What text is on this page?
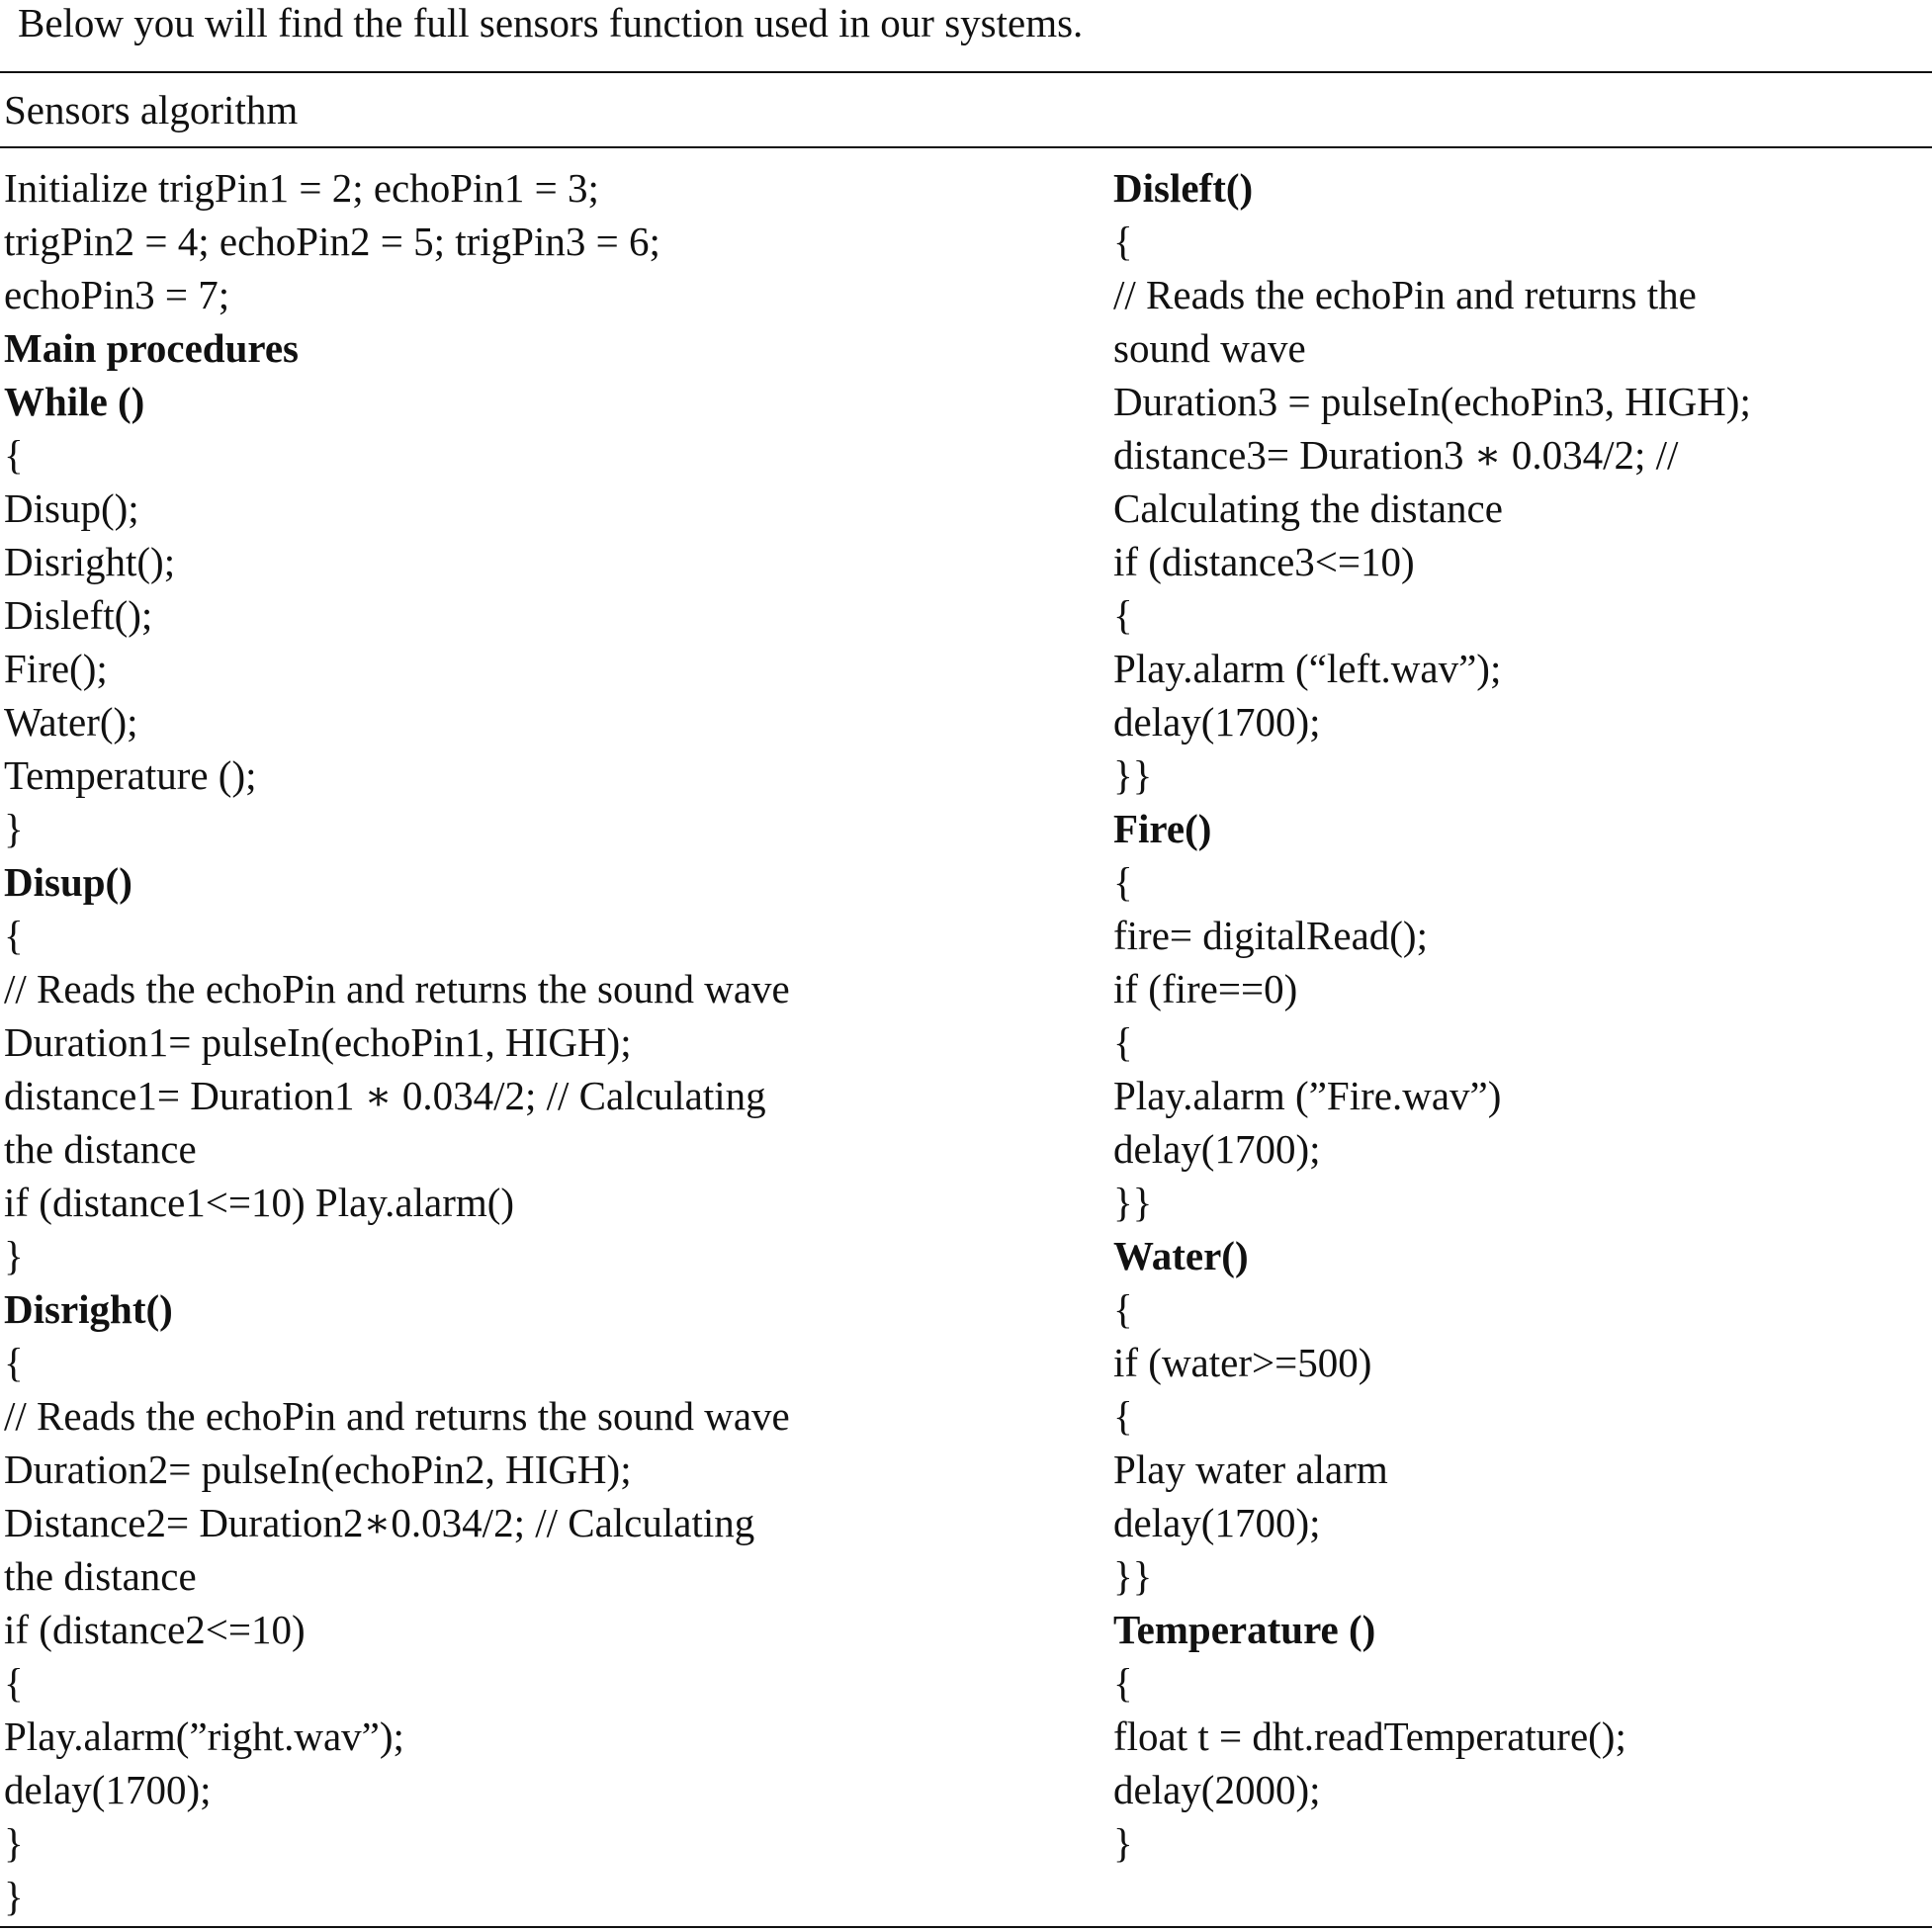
Below you will find the full sensors function used in our systems.
Sensors algorithm
Initialize trigPin1 = 2; echoPin1 = 3;
trigPin2 = 4; echoPin2 = 5; trigPin3 = 6;
echoPin3 = 7;
Main procedures
While ()
{
Disup();
Disright();
Disleft();
Fire();
Water();
Temperature ();
}
Disup()
{
// Reads the echoPin and returns the sound wave
Duration1= pulseIn(echoPin1, HIGH);
distance1= Duration1 ∗ 0.034/2; // Calculating
the distance
if (distance1<=10) Play.alarm()
}
Disright()
{
// Reads the echoPin and returns the sound wave
Duration2= pulseIn(echoPin2, HIGH);
Distance2= Duration2∗0.034/2; // Calculating
the distance
if (distance2<=10)
{
Play.alarm(”right.wav”);
delay(1700);
}
}
Disleft()
{
// Reads the echoPin and returns the
sound wave
Duration3 = pulseIn(echoPin3, HIGH);
distance3= Duration3 ∗ 0.034/2; //
Calculating the distance
if (distance3<=10)
{
Play.alarm (“left.wav”);
delay(1700);
}}
Fire()
{
fire= digitalRead();
if (fire==0)
{
Play.alarm (”Fire.wav”)
delay(1700);
}}
Water()
{
if (water>=500)
{
Play water alarm
delay(1700);
}}
Temperature ()
{
float t = dht.readTemperature();
delay(2000);
}
